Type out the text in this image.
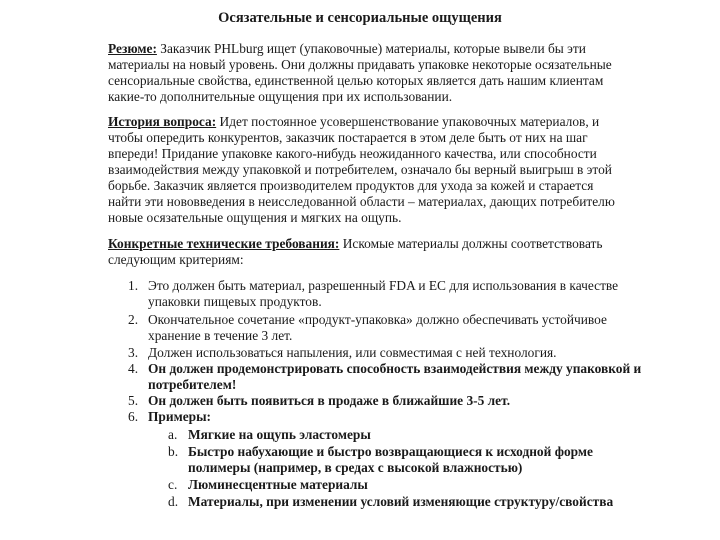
Осязательные и сенсориальные ощущения
Резюме: Заказчик PHLburg ищет (упаковочные) материалы, которые вывели бы эти
материалы на новый уровень. Они должны придавать упаковке некоторые осязательные
сенсориальные свойства, единственной целью которых является дать нашим клиентам
какие-то дополнительные ощущения при их использовании.
История вопроса: Идет постоянное усовершенствование упаковочных материалов, и
чтобы опередить конкурентов, заказчик постарается в этом деле быть от них на шаг
впереди! Придание упаковке какого-нибудь неожиданного качества, или способности
взаимодействия между упаковкой и потребителем, означало бы верный выигрыш в этой
борьбе. Заказчик является производителем продуктов для ухода за кожей и старается
найти эти нововведения в неисследованной области – материалах, дающих потребителю
новые осязательные ощущения и мягких на ощупь.
Конкретные технические требования: Искомые материалы должны соответствовать
следующим критериям:
1. Это должен быть материал, разрешенный FDA и ЕС для использования в качестве
упаковки пищевых продуктов.
2. Окончательное сочетание «продукт-упаковка» должно обеспечивать устойчивое
хранение в течение 3 лет.
3. Должен использоваться напыления, или совместимая с ней технология.
4. Он должен продемонстрировать способность взаимодействия между упаковкой и
потребителем!
5. Он должен быть появиться в продаже в ближайшие 3-5 лет.
6. Примеры:
a. Мягкие на ощупь эластомеры
b. Быстро набухающие и быстро возвращающиеся к исходной форме
полимеры (например, в средах с высокой влажностью)
c. Люминесцентные материалы
d. Материалы, при изменении условий изменяющие структуру/свойства
